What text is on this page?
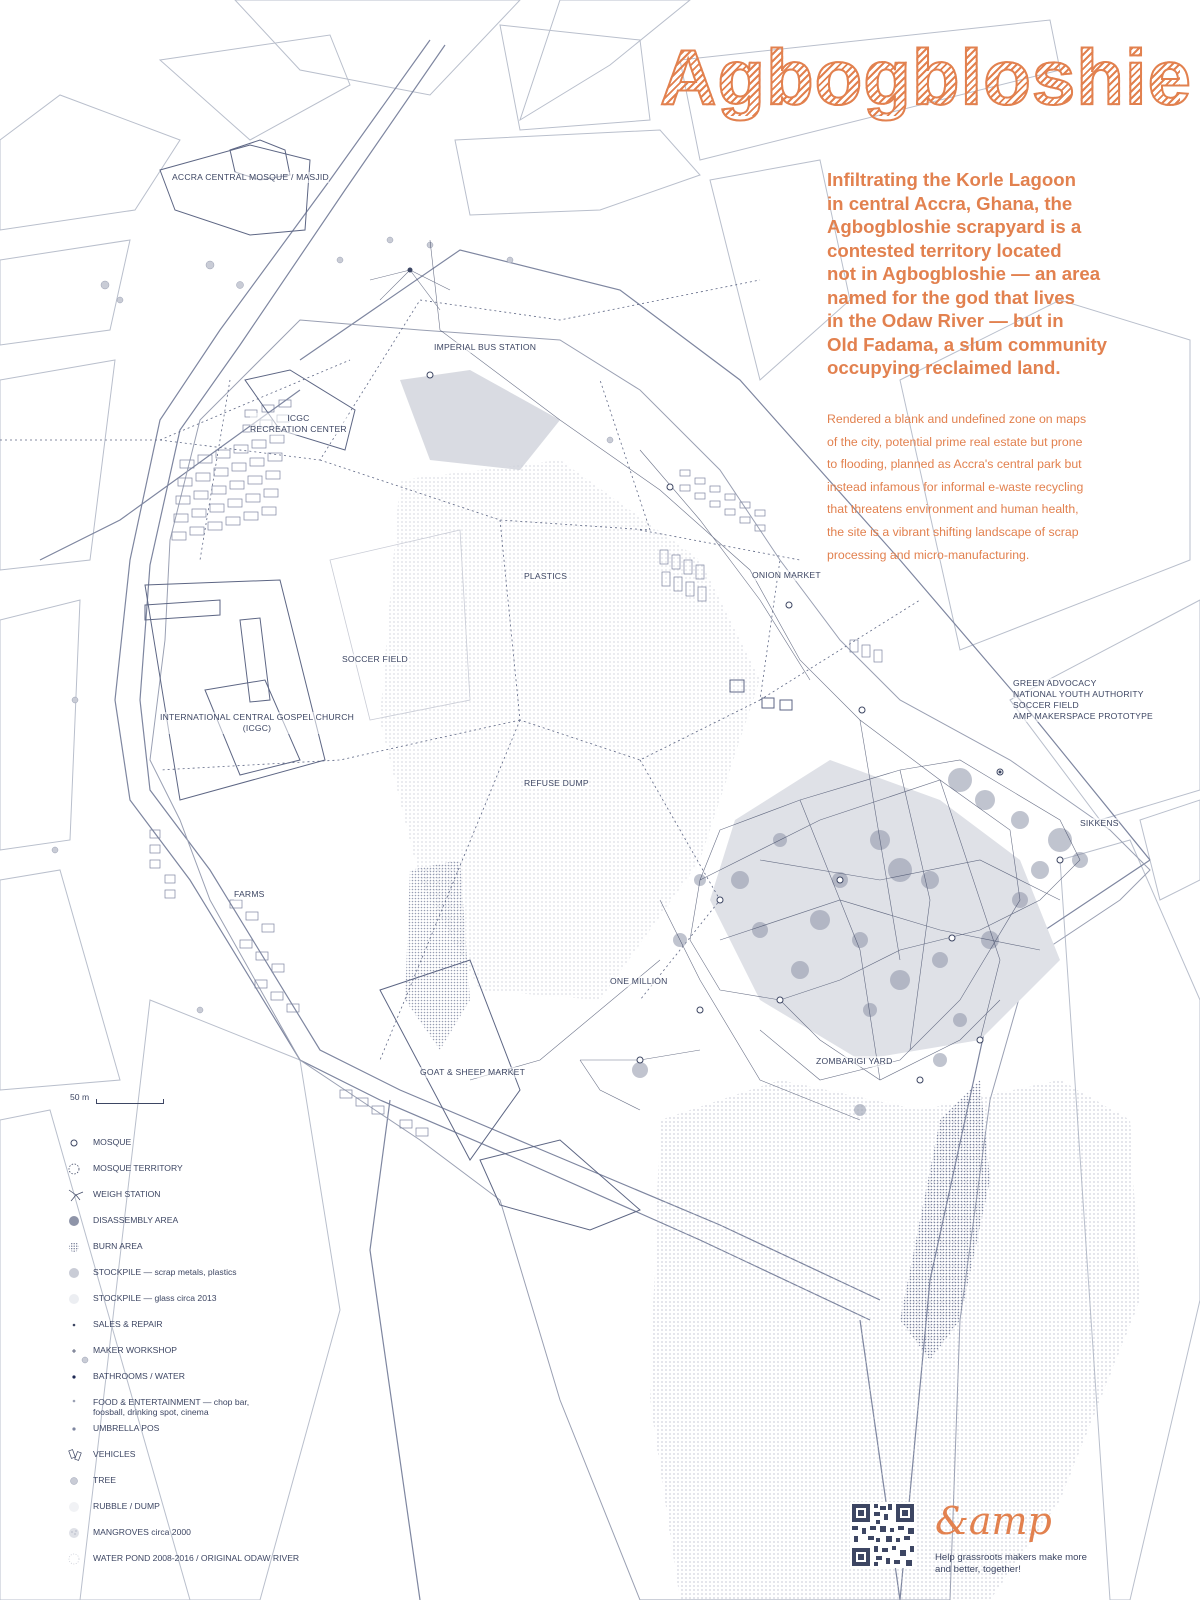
Agbogbloshie

Infiltrating the Korle Lagoon

in central Accra, Ghana, the

Agbogbloshie scrapyard is a

contested territory located

not in Agbogbloshie — an area

named for the god that lives

in the Odaw River — but in

Old Fadama, a slum community

occupying reclaimed land.

Rendered a blank and undefined zone on maps

of the city, potential prime real estate but prone

to flooding, planned as Accra's central park but

instead infamous for informal e-waste recycling

that threatens environment and human health,

the site is a vibrant shifting landscape of scrap

processing and micro-manufacturing.

ACCRA CENTRAL MOSQUE / MASJID
IMPERIAL BUS STATION
ICGC
RECREATION CENTER
PLASTICS	ONION MARKET
SOCCER FIELD
INTERNATIONAL CENTRAL GOSPEL CHURCH
(ICGC)
REFUSE DUMP
GREEN ADVOCACY
NATIONAL YOUTH AUTHORITY
SOCCER FIELD
AMP MAKERSPACE PROTOTYPE
SIKKENS
FARMS
ONE MILLION
GOAT & SHEEP MARKET
ZOMBARIGI YARD
50 m
MOSQUE
MOSQUE TERRITORY
WEIGH STATION
DISASSEMBLY AREA
BURN AREA
STOCKPILE — scrap metals, plastics
STOCKPILE — glass circa 2013
SALES & REPAIR
MAKER WORKSHOP
BATHROOMS / WATER
FOOD & ENTERTAINMENT — chop bar,
foosball, drinking spot, cinema
UMBRELLA POS
VEHICLES
TREE
RUBBLE / DUMP
MANGROVES circa 2000
WATER POND 2008-2016 / ORIGINAL ODAW RIVER
&amp
Help grassroots makers make more and better, together!
